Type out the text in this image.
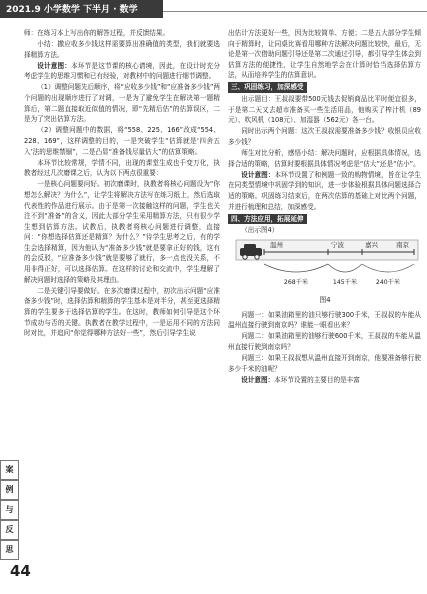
2021.9 小学数学 下半月 · 数学

师：在练习本上写出你的解答过程，并反馈结果。

小结：撒应收多少钱这样需要算出准确值的类型，我们就要选择精算方法。

设计意图：本环节是这节课的核心请境，因此，在设计时充分考虑学生的思维习惯和已有经验，对教材中的问题进行细节调整。

（1）调整问题先后顺序，将“应收多少钱”和“应准备多少钱”两个问题的出现顺序进行了对调，一是为了避免学生在解决第一题精算后，第二题直接取近似值的情况，即“先精后估”的估算误区，二是为了突出估算方法。

（2）调整问题中的数据，将“558、225、166”改成“554、228、169”，这样调整的目的，一是突破学生“估算就是‘四舍五入’法的思维禁锢”，二是凸显“准备钱尽量估大”的估算策略。

本环节比较常规，学情不同，出现的课堂生成也千变万化，执教者经过几次磨课之后，认为以下两点很重要：

一是核心问题要问好。初次磨课时，执教者将核心问题设为“你想怎么解决？为什么”，让学生将解决方法写在练习纸上，然后选取代表性的作品进行展示。由于是第一次接触这样的问题，学生也关注不到“准备”的含义，因此大部分学生采用精算方法，只有很少学生想到估算方法。试教后，执教者将核心问题进行调整，直接问：“你想选择估算还是精算？为什么？”待学生思考之后，有的学生会选择精算，因为他认为“准备多少钱”就是要拿正好的钱，这有的会反驳，“应准备多少钱”就是要够了就行，多一点也没关系，不用非得正好，可以选择估算。在这样的讨论和交流中，学生理解了解决问题时选择的策略及其理由。

二是关键引导要做好。在多次磨课过程中，初次出示问题“应准备多少钱”时，选择估算和精算的学生基本是对半分，甚至更选择精算的学生要多于选择估算的学生。在这时，教师如何引导是这个环节成功与否的关键。执教者在教学过程中，一是运用不同的方法同时对比，并追问“你觉得哪种方法好一些”，然后引导学生说

出估计方法更好一些，因为比较简单、方便；二是五大部分学生倾向于精算时，让同桌比赛看用哪种方法解决问题比较快，最后，无论是第一次借助问题引导还是第二次通过引导，都引导学生体会到估算方法的便捷性，让学生自然地学会在计算时恰当选择估算方法，从而培养学生的估算意识。

三、巩固练习，加深感受

出示题目：王叔叔要带500元钱去促销商品比平时便宜很多，于是第二天又去超市准备买一些生活用品，他购买了榨汁机（89元）、吹风机（108元）、加湿器（562元）各一台。

同时出示两个问题：这次王叔叔需要准备多少钱？收银员应收多少钱？

师生对比分析，感悟小结：解决问题时，应根据具体情况，选择合适的策略，估算时要根据具体情况考虑是“估大”还是“估小”。

设计意图：本环节设置了和例题一致的购物情境，旨在让学生在同类型情境中巩固学到的知识，进一步体验根据具体问题选择合适的策略。巩固练习结束后，在两次估算的基础上对比两个问题，并进行梳理和总结，加深感受。

四、方法应用，拓展延伸

（出示图4）

温州	宁波	嘉兴	南京
268千米	145千米	240千米
图4

问题一：如果油箱里的油只够行驶300千米，王叔叔的车能从温州直接行驶到南京吗？谁能一眼看出来？

问题二：如果油箱里的油够行驶600千米，王叔叔的车能从温州直接行驶到南京吗？

问题三：如果王叔叔想从温州直接开到南京，他要准备够行驶多少千米的油呢？

设计意图：本环节设置的主要目的是丰富

案
例
与
反
思
44
